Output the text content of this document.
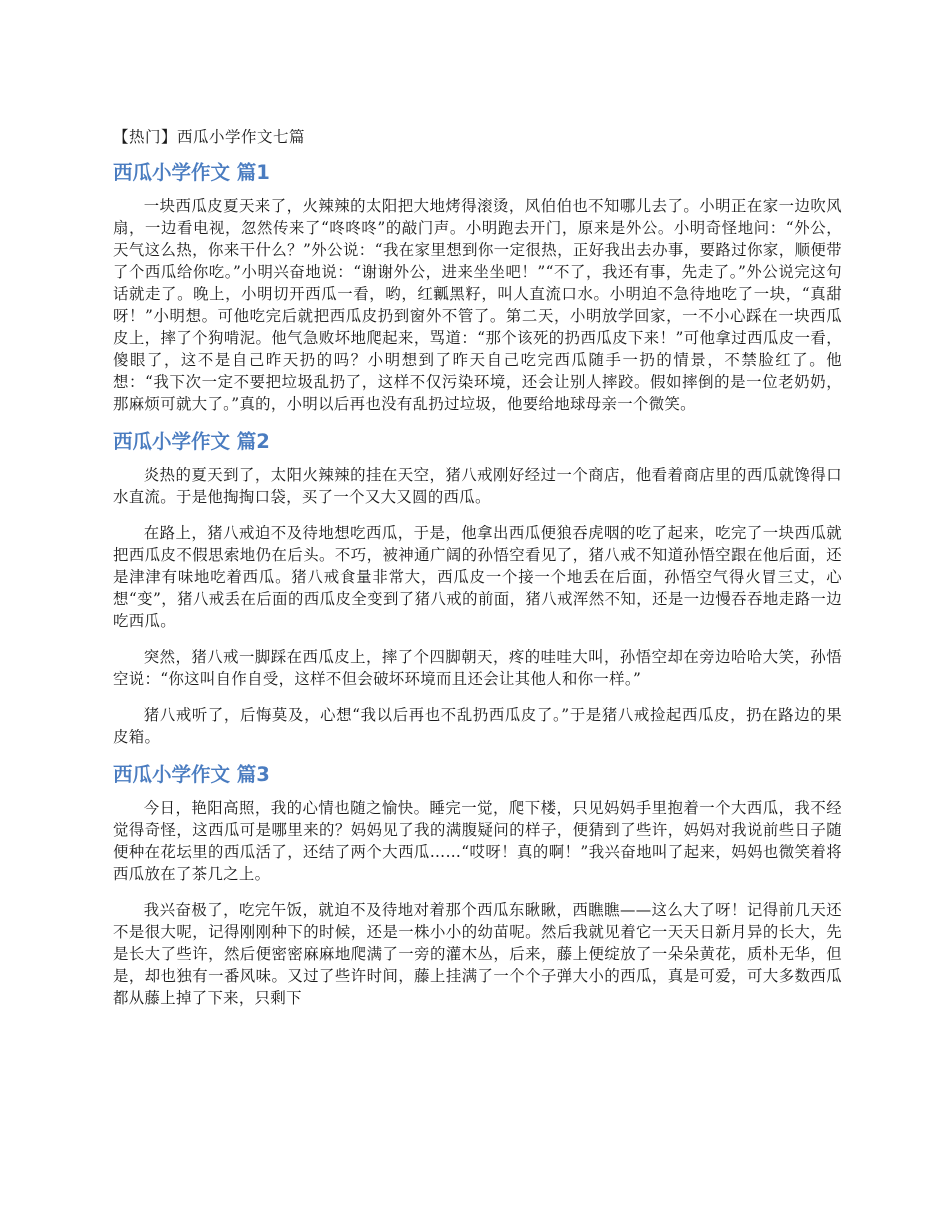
【热门】西瓜小学作文七篇
西瓜小学作文 篇1

一块西瓜皮夏天来了，火辣辣的太阳把大地烤得滚烫，风伯伯也不知哪儿去了。小明正在家一边吹风扇，一边看电视，忽然传来了“咚咚咚”的敲门声。小明跑去开门，原来是外公。小明奇怪地问：“外公，天气这么热，你来干什么？”外公说：“我在家里想到你一定很热，正好我出去办事，要路过你家，顺便带了个西瓜给你吃。”小明兴奋地说：“谢谢外公，进来坐坐吧！”“不了，我还有事，先走了。”外公说完这句话就走了。晚上，小明切开西瓜一看，哟，红瓤黑籽，叫人直流口水。小明迫不急待地吃了一块，“真甜呀！”小明想。可他吃完后就把西瓜皮扔到窗外不管了。第二天，小明放学回家，一不小心踩在一块西瓜皮上，摔了个狗啃泥。他气急败坏地爬起来，骂道：“那个该死的扔西瓜皮下来！”可他拿过西瓜皮一看，傻眼了，这不是自己昨天扔的吗？小明想到了昨天自己吃完西瓜随手一扔的情景，不禁脸红了。他想：“我下次一定不要把垃圾乱扔了，这样不仅污染环境，还会让别人摔跤。假如摔倒的是一位老奶奶，那麻烦可就大了。”真的，小明以后再也没有乱扔过垃圾，他要给地球母亲一个微笑。

西瓜小学作文 篇2

炎热的夏天到了，太阳火辣辣的挂在天空，猪八戒刚好经过一个商店，他看着商店里的西瓜就馋得口水直流。于是他掏掏口袋，买了一个又大又圆的西瓜。

在路上，猪八戒迫不及待地想吃西瓜，于是，他拿出西瓜便狼吞虎咽的吃了起来，吃完了一块西瓜就把西瓜皮不假思索地仍在后头。不巧，被神通广阔的孙悟空看见了，猪八戒不知道孙悟空跟在他后面，还是津津有味地吃着西瓜。猪八戒食量非常大，西瓜皮一个接一个地丢在后面，孙悟空气得火冒三丈，心想“变”，猪八戒丢在后面的西瓜皮全变到了猪八戒的前面，猪八戒浑然不知，还是一边慢吞吞地走路一边吃西瓜。

突然，猪八戒一脚踩在西瓜皮上，摔了个四脚朝天，疼的哇哇大叫，孙悟空却在旁边哈哈大笑，孙悟空说：“你这叫自作自受，这样不但会破坏环境而且还会让其他人和你一样。”

猪八戒听了，后悔莫及，心想“我以后再也不乱扔西瓜皮了。”于是猪八戒捡起西瓜皮，扔在路边的果皮箱。

西瓜小学作文 篇3

今日，艳阳高照，我的心情也随之愉快。睡完一觉，爬下楼，只见妈妈手里抱着一个大西瓜，我不经觉得奇怪，这西瓜可是哪里来的？妈妈见了我的满腹疑问的样子，便猜到了些许，妈妈对我说前些日子随便种在花坛里的西瓜活了，还结了两个大西瓜……“哎呀！真的啊！”我兴奋地叫了起来，妈妈也微笑着将西瓜放在了茶几之上。

我兴奋极了，吃完午饭，就迫不及待地对着那个西瓜东瞅瞅，西瞧瞧——这么大了呀！记得前几天还不是很大呢，记得刚刚种下的时候，还是一株小小的幼苗呢。然后我就见着它一天天日新月异的长大，先是长大了些许，然后便密密麻麻地爬满了一旁的灌木丛，后来，藤上便绽放了一朵朵黄花，质朴无华，但是，却也独有一番风味。又过了些许时间，藤上挂满了一个个子弹大小的西瓜，真是可爱，可大多数西瓜都从藤上掉了下来，只剩下
